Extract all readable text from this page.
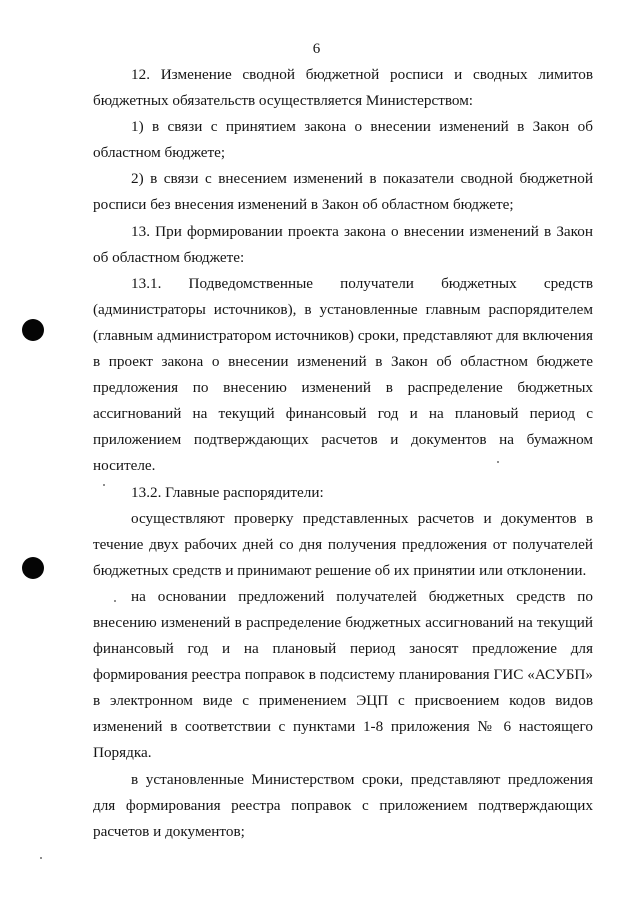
6

12. Изменение сводной бюджетной росписи и сводных лимитов бюджетных обязательств осуществляется Министерством:

1) в связи с принятием закона о внесении изменений в Закон об областном бюджете;

2) в связи с внесением изменений в показатели сводной бюджетной росписи без внесения изменений в Закон об областном бюджете;

13. При формировании проекта закона о внесении изменений в Закон об областном бюджете:

13.1. Подведомственные получатели бюджетных средств (администраторы источников), в установленные главным распорядителем (главным администратором источников) сроки, представляют для включения в проект закона о внесении изменений в Закон об областном бюджете предложения по внесению изменений в распределение бюджетных ассигнований на текущий финансовый год и на плановый период с приложением подтверждающих расчетов и документов на бумажном носителе.

13.2. Главные распорядители:

осуществляют проверку представленных расчетов и документов в течение двух рабочих дней со дня получения предложения от получателей бюджетных средств и принимают решение об их принятии или отклонении.

на основании предложений получателей бюджетных средств по внесению изменений в распределение бюджетных ассигнований на текущий финансовый год и на плановый период заносят предложение для формирования реестра поправок в подсистему планирования ГИС «АСУБП» в электронном виде с применением ЭЦП с присвоением кодов видов изменений в соответствии с пунктами 1-8 приложения № 6 настоящего Порядка.

в установленные Министерством сроки, представляют предложения для формирования реестра поправок с приложением подтверждающих расчетов и документов;
